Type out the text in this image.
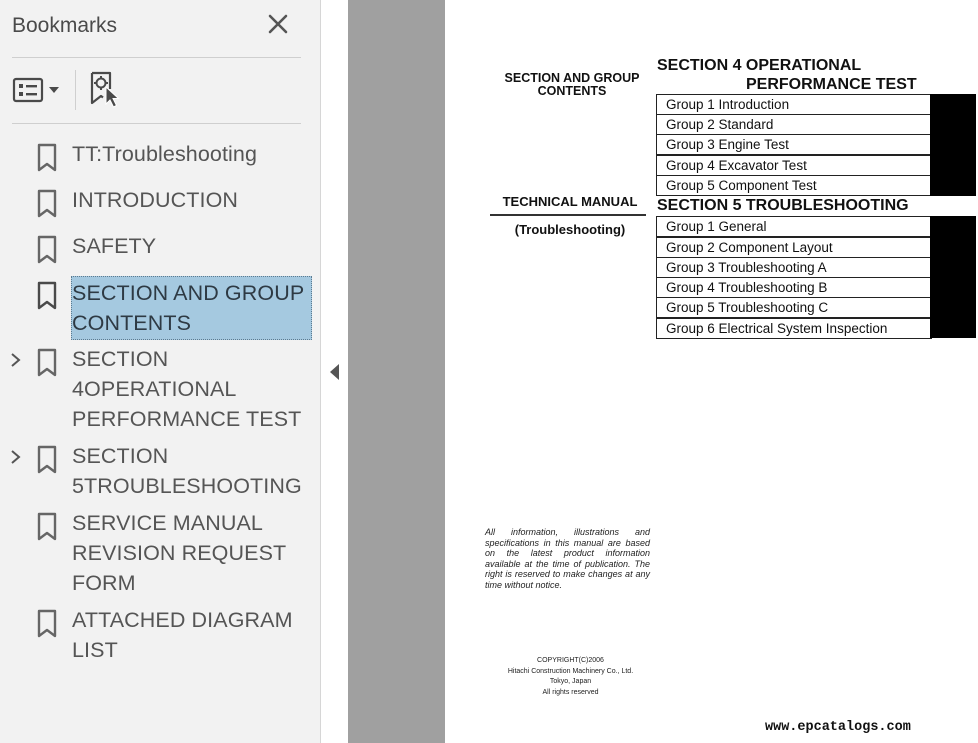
Bookmarks
TT:Troubleshooting
INTRODUCTION
SAFETY
SECTION AND GROUP CONTENTS
SECTION 4OPERATIONAL PERFORMANCE TEST
SECTION 5TROUBLESHOOTING
SERVICE MANUAL REVISION REQUEST FORM
ATTACHED DIAGRAM LIST
SECTION AND GROUP CONTENTS
TECHNICAL MANUAL
(Troubleshooting)
SECTION 4 OPERATIONAL
PERFORMANCE TEST
Group 1 Introduction
Group 2 Standard
Group 3 Engine Test
Group 4 Excavator Test
Group 5 Component Test
SECTION 5 TROUBLESHOOTING
Group 1 General
Group 2 Component Layout
Group 3 Troubleshooting A
Group 4 Troubleshooting B
Group 5 Troubleshooting C
Group 6 Electrical System Inspection
All information, illustrations and specifications in this manual are based on the latest product information available at the time of publication. The right is reserved to make changes at any time without notice.
COPYRIGHT(C)2006
Hitachi Construction Machinery Co., Ltd.
Tokyo, Japan
All rights reserved
www.epcatalogs.com
